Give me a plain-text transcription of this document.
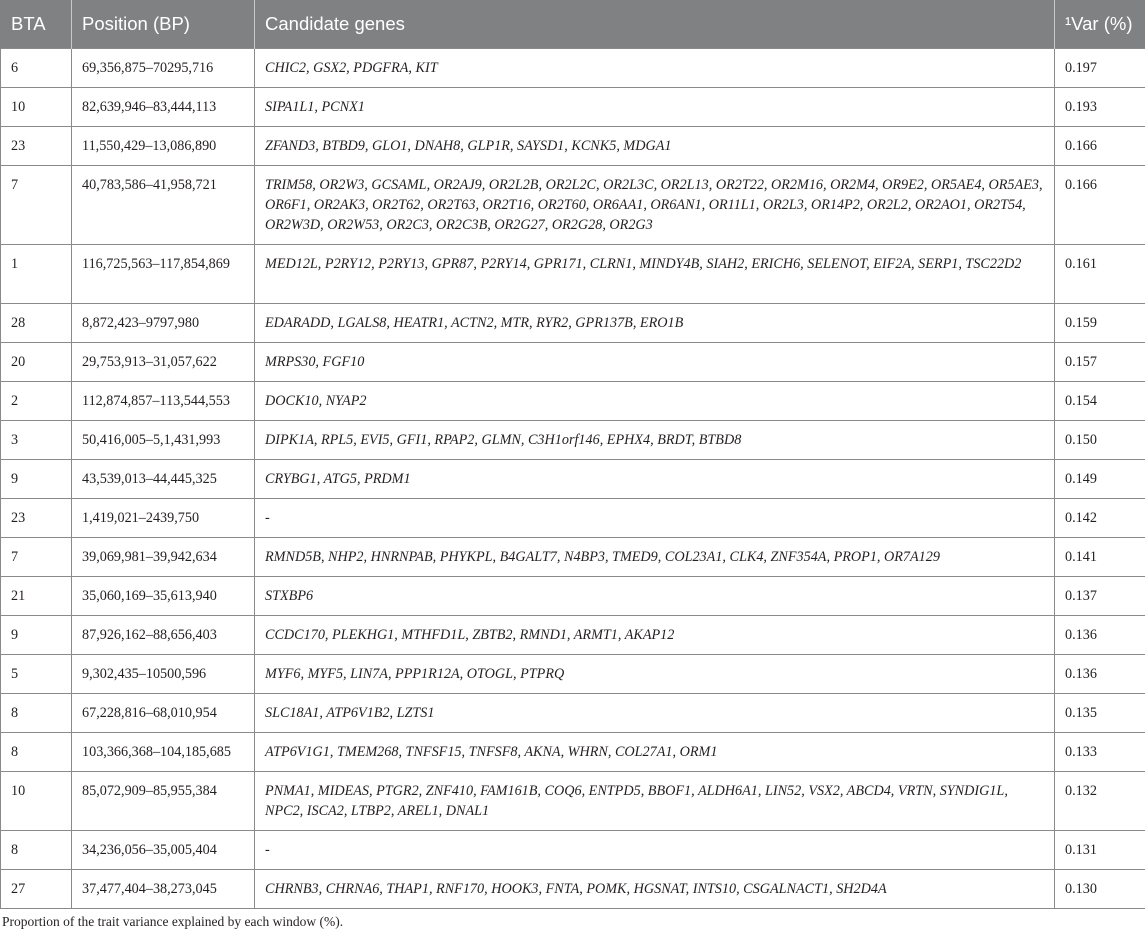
BTA	Position (BP)	Candidate genes	¹Var (%)
6	69,356,875–70295,716	CHIC2, GSX2, PDGFRA, KIT	0.197
10	82,639,946–83,444,113	SIPA1L1, PCNX1	0.193
23	11,550,429–13,086,890	ZFAND3, BTBD9, GLO1, DNAH8, GLP1R, SAYSD1, KCNK5, MDGA1	0.166
7	40,783,586–41,958,721	TRIM58, OR2W3, GCSAML, OR2AJ9, OR2L2B, OR2L2C, OR2L3C, OR2L13, OR2T22, OR2M16, OR2M4, OR9E2, OR5AE4, OR5AE3, OR6F1, OR2AK3, OR2T62, OR2T63, OR2T16, OR2T60, OR6AA1, OR6AN1, OR11L1, OR2L3, OR14P2, OR2L2, OR2AO1, OR2T54, OR2W3D, OR2W53, OR2C3, OR2C3B, OR2G27, OR2G28, OR2G3	0.166
1	116,725,563–117,854,869	MED12L, P2RY12, P2RY13, GPR87, P2RY14, GPR171, CLRN1, MINDY4B, SIAH2, ERICH6, SELENOT, EIF2A, SERP1, TSC22D2	0.161
28	8,872,423–9797,980	EDARADD, LGALS8, HEATR1, ACTN2, MTR, RYR2, GPR137B, ERO1B	0.159
20	29,753,913–31,057,622	MRPS30, FGF10	0.157
2	112,874,857–113,544,553	DOCK10, NYAP2	0.154
3	50,416,005–5,1,431,993	DIPK1A, RPL5, EVI5, GFI1, RPAP2, GLMN, C3H1orf146, EPHX4, BRDT, BTBD8	0.150
9	43,539,013–44,445,325	CRYBG1, ATG5, PRDM1	0.149
23	1,419,021–2439,750	-	0.142
7	39,069,981–39,942,634	RMND5B, NHP2, HNRNPAB, PHYKPL, B4GALT7, N4BP3, TMED9, COL23A1, CLK4, ZNF354A, PROP1, OR7A129	0.141
21	35,060,169–35,613,940	STXBP6	0.137
9	87,926,162–88,656,403	CCDC170, PLEKHG1, MTHFD1L, ZBTB2, RMND1, ARMT1, AKAP12	0.136
5	9,302,435–10500,596	MYF6, MYF5, LIN7A, PPP1R12A, OTOGL, PTPRQ	0.136
8	67,228,816–68,010,954	SLC18A1, ATP6V1B2, LZTS1	0.135
8	103,366,368–104,185,685	ATP6V1G1, TMEM268, TNFSF15, TNFSF8, AKNA, WHRN, COL27A1, ORM1	0.133
10	85,072,909–85,955,384	PNMA1, MIDEAS, PTGR2, ZNF410, FAM161B, COQ6, ENTPD5, BBOF1, ALDH6A1, LIN52, VSX2, ABCD4, VRTN, SYNDIG1L, NPC2, ISCA2, LTBP2, AREL1, DNAL1	0.132
8	34,236,056–35,005,404	-	0.131
27	37,477,404–38,273,045	CHRNB3, CHRNA6, THAP1, RNF170, HOOK3, FNTA, POMK, HGSNAT, INTS10, CSGALNACT1, SH2D4A	0.130
Proportion of the trait variance explained by each window (%).
